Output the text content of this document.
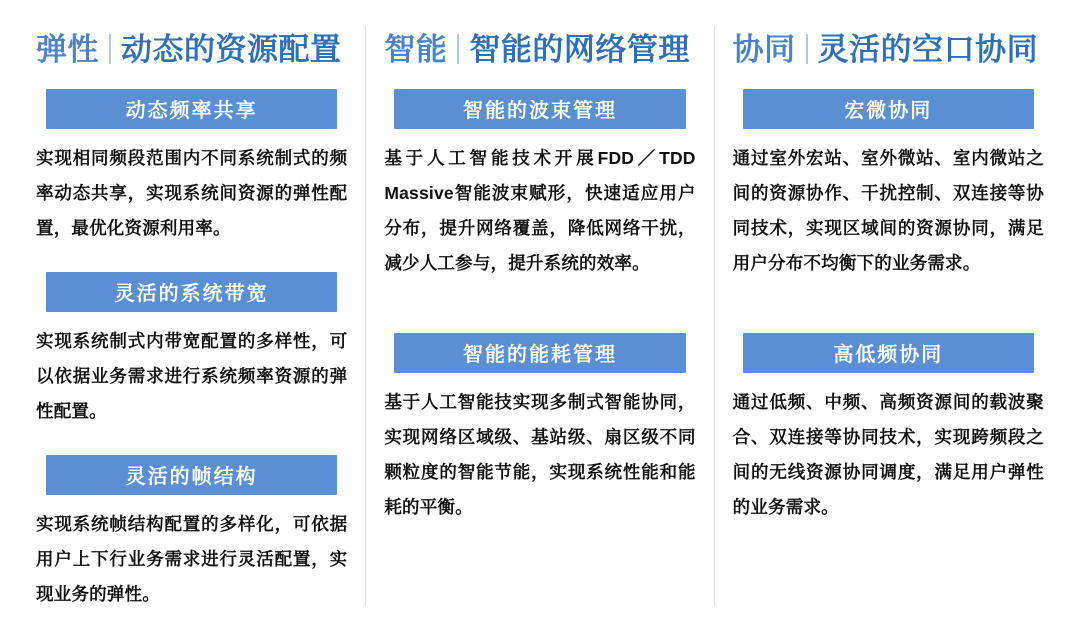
弹性 动态的资源配置
动态频率共享

实现相同频段范围内不同系统制式的频率动态共享，实现系统间资源的弹性配置，最优化资源利用率。

灵活的系统带宽

实现系统制式内带宽配置的多样性，可以依据业务需求进行系统频率资源的弹性配置。

灵活的帧结构

实现系统帧结构配置的多样化，可依据用户上下行业务需求进行灵活配置，实现业务的弹性。

智能 智能的网络管理
智能的波束管理

基于人工智能技术开展FDD／TDD Massive智能波束赋形，快速适应用户分布，提升网络覆盖，降低网络干扰，减少人工参与，提升系统的效率。

智能的能耗管理

基于人工智能技实现多制式智能协同，实现网络区域级、基站级、扇区级不同颗粒度的智能节能，实现系统性能和能耗的平衡。

协同 灵活的空口协同
宏微协同

通过室外宏站、室外微站、室内微站之间的资源协作、干扰控制、双连接等协同技术，实现区域间的资源协同，满足用户分布不均衡下的业务需求。

高低频协同

通过低频、中频、高频资源间的载波聚合、双连接等协同技术，实现跨频段之间的无线资源协同调度，满足用户弹性的业务需求。
